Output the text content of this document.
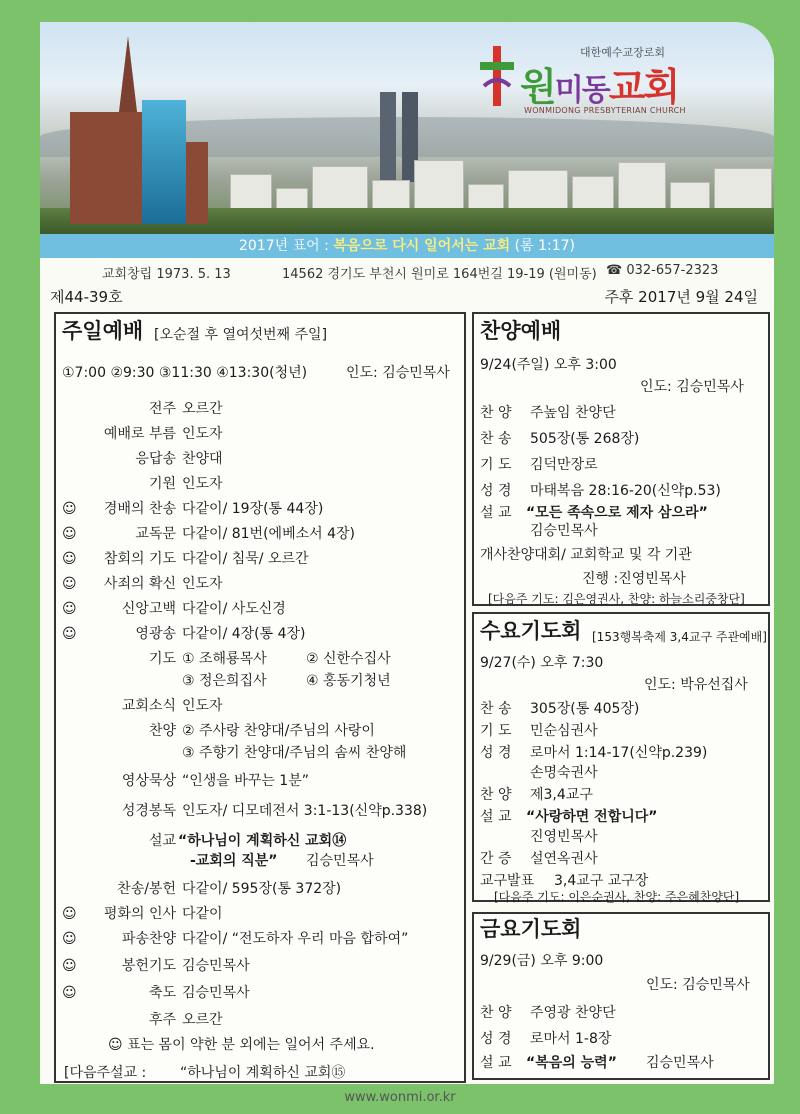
대한예수교장로회
원미동교회
WONMIDONG PRESBYTERIAN CHURCH
2017년 표어 : 복음으로 다시 일어서는 교회 (롬 1:17)
교회창립 1973. 5. 13	14562 경기도 부천시 원미로 164번길 19-19 (원미동) ☎ 032-657-2323
제44-39호	주후 2017년 9월 24일
주일예배 [오순절 후 열여섯번째 주일]
①7:00 ②9:30 ③11:30 ④13:30(청년)	인도: 김승민목사
전주 오르간
예배로 부름 인도자
응답송 찬양대
기원 인도자
☺ 경배의 찬송 다같이/ 19장(통 44장)
☺	교독문 다같이/ 81번(에베소서 4장)
☺ 참회의 기도 다같이/ 침묵/ 오르간
☺ 사죄의 확신 인도자
☺	신앙고백 다같이/ 사도신경
☺	영광송 다같이/ 4장(통 4장)
기도 ① 조해룡목사	② 신한수집사
③ 정은희집사	④ 홍동기청년
교회소식 인도자
찬양 ② 주사랑 찬양대/주님의 사랑이
③ 주향기 찬양대/주님의 솜씨 찬양해
영상묵상 “인생을 바꾸는 1분”
성경봉독 인도자/ 디모데전서 3:1-13(신약p.338)
설교 “하나님이 계획하신 교회⑭
-교회의 직분” 김승민목사
찬송/봉헌 다같이/ 595장(통 372장)
☺ 평화의 인사 다같이
☺	파송찬양 다같이/ “전도하자 우리 마음 합하여”
☺	봉헌기도 김승민목사
☺	축도 김승민목사
후주 오르간
☺ 표는 몸이 약한 분 외에는 일어서 주세요.
[다음주설교 : “하나님이 계획하신 교회⑮
찬양예배
9/24(주일) 오후 3:00
인도: 김승민목사
찬 양 주높임 찬양단
찬 송 505장(통 268장)
기 도 김덕만장로
성 경 마태복음 28:16-20(신약p.53)
설 교 “모든 족속으로 제자 삼으라”
김승민목사
개사찬양대회/ 교회학교 및 각 기관
진행 :진영빈목사
[다음주 기도: 김은영권사, 찬양: 하늘소리중창단]
수요기도회 [153행복축제 3,4교구 주관예배]
9/27(수) 오후 7:30
인도: 박유선집사
찬 송 305장(통 405장)
기 도 민순심권사
성 경 로마서 1:14-17(신약p.239)
손명숙권사
찬 양 제3,4교구
설 교 “사랑하면 전합니다”
진영빈목사
간 증 설연옥권사
교구발표 3,4교구 교구장
[다음주 기도: 이은순권사, 찬양: 주은혜찬양단]
금요기도회
9/29(금) 오후 9:00
인도: 김승민목사
찬 양 주영광 찬양단
성 경 로마서 1-8장
설 교 “복음의 능력” 김승민목사
www.wonmi.or.kr
